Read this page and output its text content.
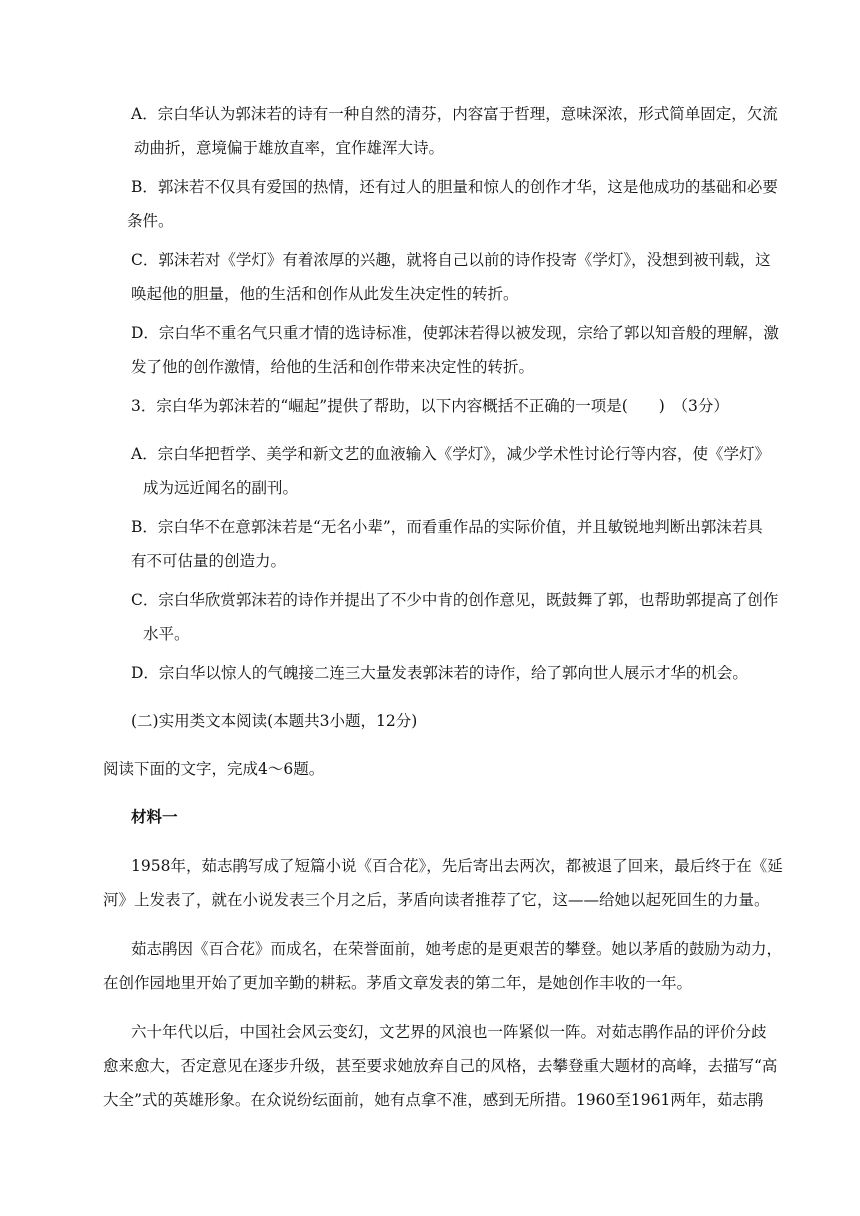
A．宗白华认为郭沫若的诗有一种自然的清芬，内容富于哲理，意味深浓，形式简单固定，欠流
动曲折，意境偏于雄放直率，宜作雄浑大诗。
B．郭沫若不仅具有爱国的热情，还有过人的胆量和惊人的创作才华，这是他成功的基础和必要
条件。
C．郭沫若对《学灯》有着浓厚的兴趣，就将自己以前的诗作投寄《学灯》，没想到被刊载，这
唤起他的胆量，他的生活和创作从此发生决定性的转折。
D．宗白华不重名气只重才情的选诗标准，使郭沫若得以被发现，宗给了郭以知音般的理解，激
发了他的创作激情，给他的生活和创作带来决定性的转折。
3．宗白华为郭沫若的“崛起”提供了帮助，以下内容概括不正确的一项是(　　)　（3分）
A．宗白华把哲学、美学和新文艺的血液输入《学灯》，减少学术性讨论行等内容，使《学灯》
成为远近闻名的副刊。
B．宗白华不在意郭沫若是“无名小辈”，而看重作品的实际价值，并且敏锐地判断出郭沫若具
有不可估量的创造力。
C．宗白华欣赏郭沫若的诗作并提出了不少中肯的创作意见，既鼓舞了郭，也帮助郭提高了创作
水平。
D．宗白华以惊人的气魄接二连三大量发表郭沫若的诗作，给了郭向世人展示才华的机会。
(二)实用类文本阅读(本题共3小题，12分)
阅读下面的文字，完成4～6题。
材料一
1958年，茹志鹃写成了短篇小说《百合花》，先后寄出去两次，都被退了回来，最后终于在《延
河》上发表了，就在小说发表三个月之后，茅盾向读者推荐了它，这——给她以起死回生的力量。
茹志鹃因《百合花》而成名，在荣誉面前，她考虑的是更艰苦的攀登。她以茅盾的鼓励为动力，
在创作园地里开始了更加辛勤的耕耘。茅盾文章发表的第二年，是她创作丰收的一年。
六十年代以后，中国社会风云变幻，文艺界的风浪也一阵紧似一阵。对茹志鹃作品的评价分歧
愈来愈大，否定意见在逐步升级，甚至要求她放弃自己的风格，去攀登重大题材的高峰，去描写“高
大全”式的英雄形象。在众说纷纭面前，她有点拿不准，感到无所措。1960至1961两年，茹志鹃
